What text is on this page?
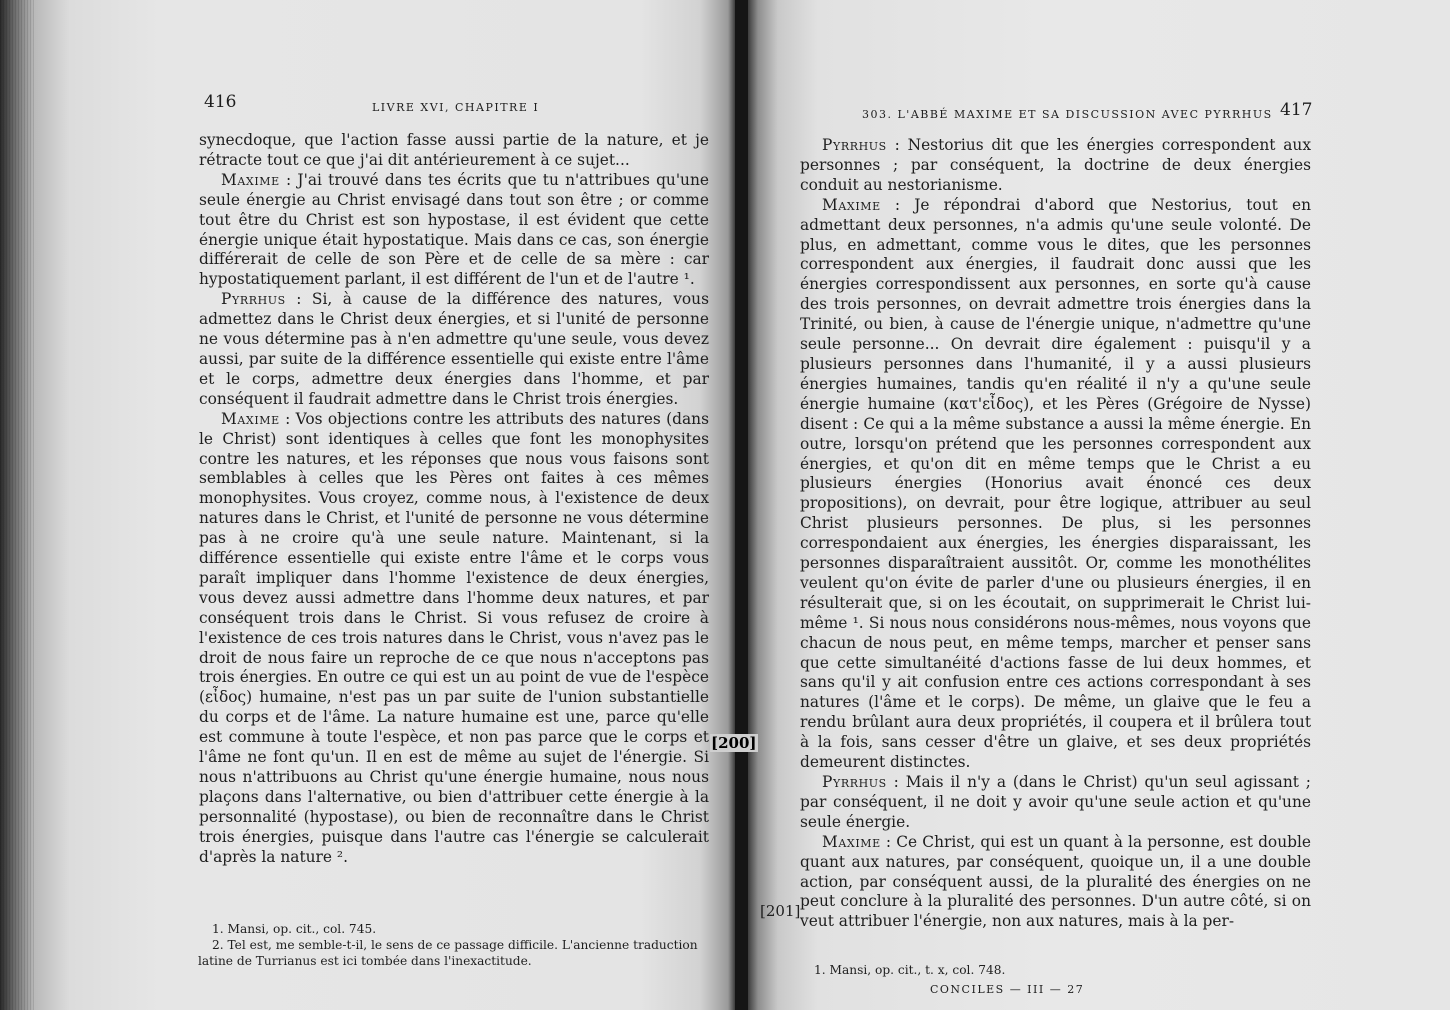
416	LIVRE XVI, CHAPITRE I

synecdoque, que l'action fasse aussi partie de la nature, et je rétracte tout ce que j'ai dit antérieurement à ce sujet...

Maxime : J'ai trouvé dans tes écrits que tu n'attribues qu'une seule énergie au Christ envisagé dans tout son être ; or comme tout être du Christ est son hypostase, il est évident que cette énergie unique était hypostatique. Mais dans ce cas, son énergie différerait de celle de son Père et de celle de sa mère : car hypostatiquement parlant, il est différent de l'un et de l'autre ¹.

Pyrrhus : Si, à cause de la différence des natures, vous admettez dans le Christ deux énergies, et si l'unité de personne ne vous détermine pas à n'en admettre qu'une seule, vous devez aussi, par suite de la différence essentielle qui existe entre l'âme et le corps, admettre deux énergies dans l'homme, et par conséquent il faudrait admettre dans le Christ trois énergies.

Maxime : Vos objections contre les attributs des natures (dans le Christ) sont identiques à celles que font les monophysites contre les natures, et les réponses que nous vous faisons sont semblables à celles que les Pères ont faites à ces mêmes monophysites. Vous croyez, comme nous, à l'existence de deux natures dans le Christ, et l'unité de personne ne vous détermine pas à ne croire qu'à une seule nature. Maintenant, si la différence essentielle qui existe entre l'âme et le corps vous paraît impliquer dans l'homme l'existence de deux énergies, vous devez aussi admettre dans l'homme deux natures, et par conséquent trois dans le Christ. Si vous refusez de croire à l'existence de ces trois natures dans le Christ, vous n'avez pas le droit de nous faire un reproche de ce que nous n'acceptons pas trois énergies. En outre ce qui est un au point de vue de l'espèce (εἶδος) humaine, n'est pas un par suite de l'union substantielle du corps et de l'âme. La nature humaine est une, parce qu'elle est commune à toute l'espèce, et non pas parce que le corps et l'âme ne font qu'un. Il en est de même au sujet de l'énergie. Si nous n'attribuons au Christ qu'une énergie humaine, nous nous plaçons dans l'alternative, ou bien d'attribuer cette énergie à la personnalité (hypostase), ou bien de reconnaître dans le Christ trois énergies, puisque dans l'autre cas l'énergie se calculerait d'après la nature ².

[200]

1. Mansi, op. cit., col. 745.

2. Tel est, me semble-t-il, le sens de ce passage difficile. L'ancienne traduction latine de Turrianus est ici tombée dans l'inexactitude.

303. L'ABBÉ MAXIME ET SA DISCUSSION AVEC PYRRHUS 417

Pyrrhus : Nestorius dit que les énergies correspondent aux personnes ; par conséquent, la doctrine de deux énergies conduit au nestorianisme.

Maxime : Je répondrai d'abord que Nestorius, tout en admettant deux personnes, n'a admis qu'une seule volonté. De plus, en admettant, comme vous le dites, que les personnes correspondent aux énergies, il faudrait donc aussi que les énergies correspondissent aux personnes, en sorte qu'à cause des trois personnes, on devrait admettre trois énergies dans la Trinité, ou bien, à cause de l'énergie unique, n'admettre qu'une seule personne... On devrait dire également : puisqu'il y a plusieurs personnes dans l'humanité, il y a aussi plusieurs énergies humaines, tandis qu'en réalité il n'y a qu'une seule énergie humaine (κατ'εἶδος), et les Pères (Grégoire de Nysse) disent : Ce qui a la même substance a aussi la même énergie. En outre, lorsqu'on prétend que les personnes correspondent aux énergies, et qu'on dit en même temps que le Christ a eu plusieurs énergies (Honorius avait énoncé ces deux propositions), on devrait, pour être logique, attribuer au seul Christ plusieurs personnes. De plus, si les personnes correspondaient aux énergies, les énergies disparaissant, les personnes disparaîtraient aussitôt. Or, comme les monothélites veulent qu'on évite de parler d'une ou plusieurs énergies, il en résulterait que, si on les écoutait, on supprimerait le Christ lui-même ¹. Si nous nous considérons nous-mêmes, nous voyons que chacun de nous peut, en même temps, marcher et penser sans que cette simultanéité d'actions fasse de lui deux hommes, et sans qu'il y ait confusion entre ces actions correspondant à ses natures (l'âme et le corps). De même, un glaive que le feu a rendu brûlant aura deux propriétés, il coupera et il brûlera tout à la fois, sans cesser d'être un glaive, et ses deux propriétés demeurent distinctes.

Pyrrhus : Mais il n'y a (dans le Christ) qu'un seul agissant ; par conséquent, il ne doit y avoir qu'une seule action et qu'une seule énergie.

Maxime : Ce Christ, qui est un quant à la personne, est double quant aux natures, par conséquent, quoique un, il a une double action, par conséquent aussi, de la pluralité des énergies on ne peut conclure à la pluralité des personnes. D'un autre côté, si on veut attribuer l'énergie, non aux natures, mais à la per-

[201]

1. Mansi, op. cit., t. x, col. 748.

CONCILES — III — 27
